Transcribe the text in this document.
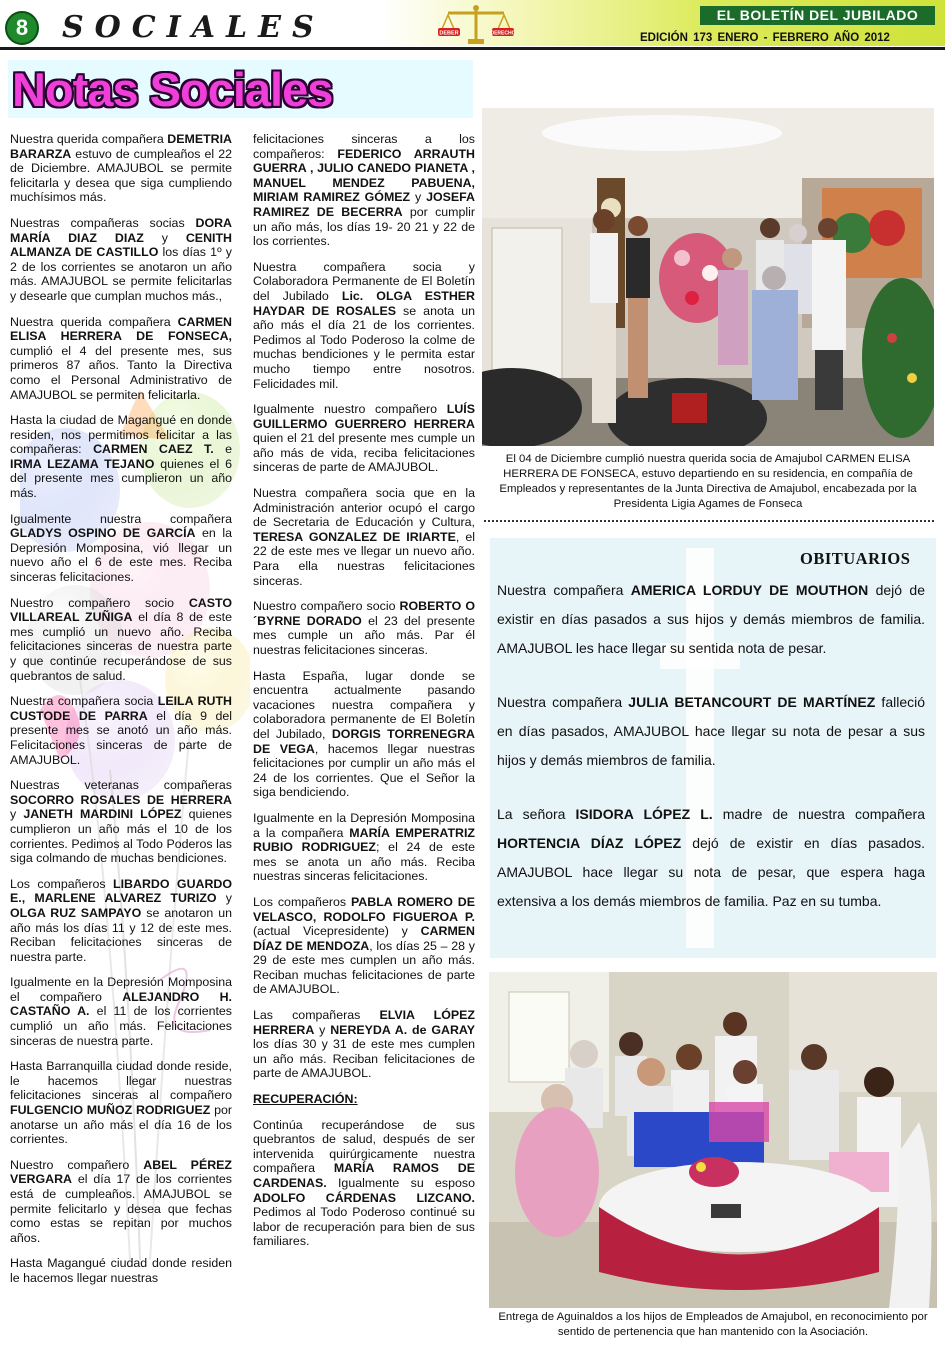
8	SOCIALES	DEBER	DERECHO
EL BOLETÍN DEL JUBILADO
EDICIÓN 173 ENERO - FEBRERO AÑO 2012
Notas Sociales

Nuestra querida compañera DEMETRIA BARARZA estuvo de cumpleaños el 22 de Diciembre. AMAJUBOL se permite felicitarla y desea que siga cumpliendo muchísimos más.

Nuestras compañeras socias DORA MARÍA DIAZ DIAZ y CENITH ALMANZA DE CASTILLO los días 1º y 2 de los corrientes se anotaron un año más. AMAJUBOL se permite felicitarlas y desearle que cumplan muchos más.,

Nuestra querida compañera CARMEN ELISA HERRERA DE FONSECA, cumplió el 4 del presente mes, sus primeros 87 años. Tanto la Directiva como el Personal Administrativo de AMAJUBOL se permiten felicitarla.

Hasta la ciudad de Magangué en donde residen, nos permitimos felicitar a las compañeras: CARMEN CAEZ T. e IRMA LEZAMA TEJANO quienes el 6 del presente mes cumplieron un año más.

Igualmente nuestra compañera GLADYS OSPINO DE GARCÍA en la Depresión Momposina, vió llegar un nuevo año el 6 de este mes. Reciba sinceras felicitaciones.

Nuestro compañero socio CASTO VILLAREAL ZUÑIGA el día 8 de este mes cumplió un nuevo año. Reciba felicitaciones sinceras de nuestra parte y que continúe recuperándose de sus quebrantos de salud.

Nuestra compañera socia LEILA RUTH CUSTODE DE PARRA el día 9 del presente mes se anotó un año más. Felicitaciones sinceras de parte de AMAJUBOL.

Nuestras veteranas compañeras SOCORRO ROSALES DE HERRERA y JANETH MARDINI LÓPEZ quienes cumplieron un año más el 10 de los corrientes. Pedimos al Todo Poderos las siga colmando de muchas bendiciones.

Los compañeros LIBARDO GUARDO E., MARLENE ALVAREZ TURIZO y OLGA RUZ SAMPAYO se anotaron un año más los días 11 y 12 de este mes. Reciban felicitaciones sinceras de nuestra parte.

Igualmente en la Depresión Momposina el compañero ALEJANDRO H. CASTAÑO A. el 11 de los corrientes cumplió un año más. Felicitaciones sinceras de nuestra parte.

Hasta Barranquilla ciudad donde reside, le hacemos llegar nuestras felicitaciones sinceras al compañero FULGENCIO MUÑOZ RODRIGUEZ por anotarse un año más el día 16 de los corrientes.

Nuestro compañero ABEL PÉREZ VERGARA el día 17 de los corrientes está de cumpleaños. AMAJUBOL se permite felicitarlo y desea que fechas como estas se repitan por muchos años.

Hasta Magangué ciudad donde residen le hacemos llegar nuestras

felicitaciones sinceras a los compañeros: FEDERICO ARRAUTH GUERRA , JULIO CANEDO PIANETA , MANUEL MENDEZ PABUENA, MIRIAM RAMIREZ GÓMEZ y JOSEFA RAMIREZ DE BECERRA por cumplir un año más, los días 19- 20 21 y 22 de los corrientes.

Nuestra compañera socia y Colaboradora Permanente de El Boletín del Jubilado Lic. OLGA ESTHER HAYDAR DE ROSALES se anota un año más el día 21 de los corrientes. Pedimos al Todo Poderoso la colme de muchas bendiciones y le permita estar mucho tiempo entre nosotros. Felicidades mil.

Igualmente nuestro compañero LUÍS GUILLERMO GUERRERO HERRERA quien el 21 del presente mes cumple un año más de vida, reciba felicitaciones sinceras de parte de AMAJUBOL.

Nuestra compañera socia que en la Administración anterior ocupó el cargo de Secretaria de Educación y Cultura, TERESA GONZALEZ DE IRIARTE, el 22 de este mes ve llegar un nuevo año. Para ella nuestras felicitaciones sinceras.

Nuestro compañero socio ROBERTO O´BYRNE DORADO el 23 del presente mes cumple un año más. Par él nuestras felicitaciones sinceras.

Hasta España, lugar donde se encuentra actualmente pasando vacaciones nuestra compañera y colaboradora permanente de El Boletín del Jubilado, DORGIS TORRENEGRA DE VEGA, hacemos llegar nuestras felicitaciones por cumplir un año más el 24 de los corrientes. Que el Señor la siga bendiciendo.

Igualmente en la Depresión Momposina a la compañera MARÍA EMPERATRIZ RUBIO RODRIGUEZ; el 24 de este mes se anota un año más. Reciba nuestras sinceras felicitaciones.

Los compañeros PABLA ROMERO DE VELASCO, RODOLFO FIGUEROA P. (actual Vicepresidente) y CARMEN DÍAZ DE MENDOZA, los días 25 – 28 y 29 de este mes cumplen un año más. Reciban muchas felicitaciones de parte de AMAJUBOL.

Las compañeras ELVIA LÓPEZ HERRERA y NEREYDA A. de GARAY los días 30 y 31 de este mes cumplen un año más. Reciban felicitaciones de parte de AMAJUBOL.

RECUPERACIÓN:

Continúa recuperándose de sus quebrantos de salud, después de ser intervenida quirúrgicamente nuestra compañera MARÍA RAMOS DE CARDENAS. Igualmente su esposo ADOLFO CÁRDENAS LIZCANO. Pedimos al Todo Poderoso continué su labor de recuperación para bien de sus familiares.

El 04 de Diciembre cumplió nuestra querida socia de Amajubol CARMEN ELISA HERRERA DE FONSECA, estuvo departiendo en su residencia, en compañía de Empleados y representantes de la Junta Directiva de Amajubol, encabezada por la Presidenta Ligia Agames de Fonseca
OBITUARIOS

Nuestra compañera AMERICA LORDUY DE MOUTHON dejó de existir en días pasados a sus hijos y demás miembros de familia. AMAJUBOL les hace llegar su sentida nota de pesar.

Nuestra compañera JULIA BETANCOURT DE MARTÍNEZ falleció en días pasados, AMAJUBOL hace llegar su nota de pesar a sus hijos y demás miembros de familia.

La señora ISIDORA LÓPEZ L. madre de nuestra compañera HORTENCIA DÍAZ LÓPEZ dejó de existir en días pasados. AMAJUBOL hace llegar su nota de pesar, que espera haga extensiva a los demás miembros de familia. Paz en su tumba.

Entrega de Aguinaldos a los hijos de Empleados de Amajubol, en reconocimiento por sentido de pertenencia que han mantenido con la Asociación.
